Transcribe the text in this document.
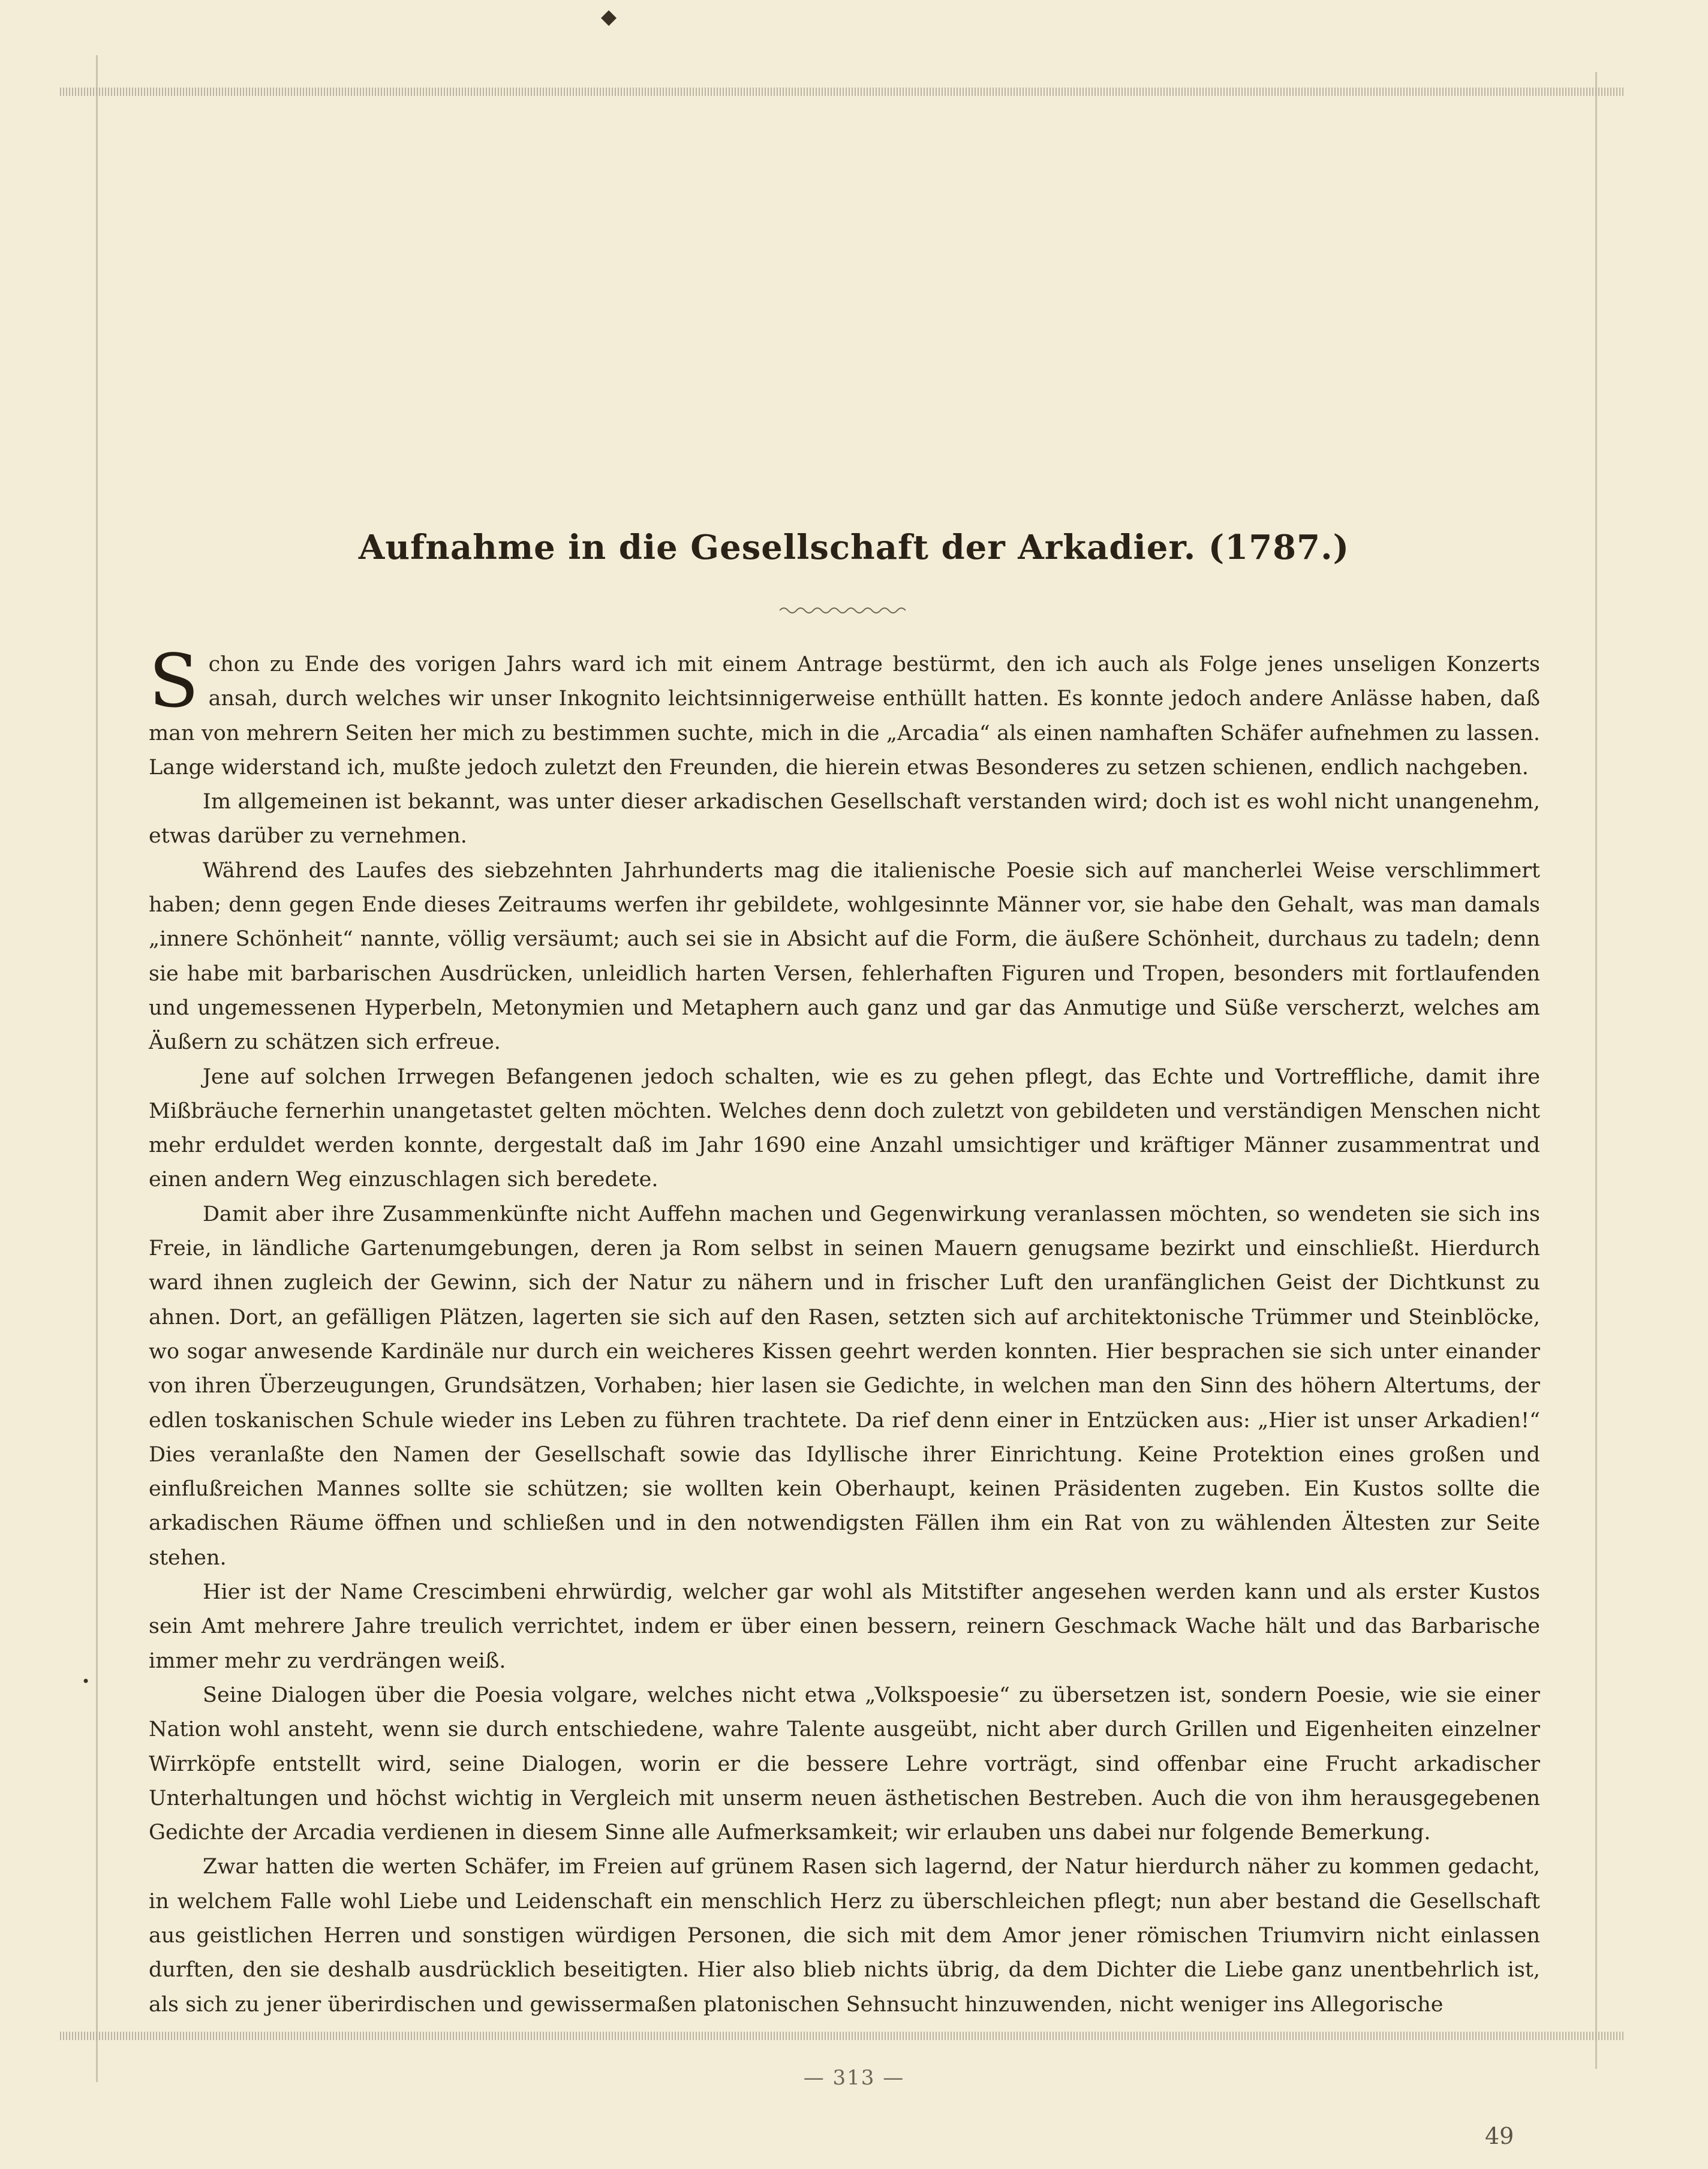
◆
•
Aufnahme in die Gesellschaft der Arkadier. (1787.)

Schon zu Ende des vorigen Jahrs ward ich mit einem Antrage bestürmt, den ich auch als Folge jenes unseligen Konzerts ansah, durch welches wir unser Inkognito leichtsinnigerweise enthüllt hatten. Es konnte jedoch andere Anlässe haben, daß man von mehrern Seiten her mich zu bestimmen suchte, mich in die „Arcadia“ als einen namhaften Schäfer aufnehmen zu lassen. Lange widerstand ich, mußte jedoch zuletzt den Freunden, die hierein etwas Besonderes zu setzen schienen, endlich nachgeben.

Im allgemeinen ist bekannt, was unter dieser arkadischen Gesellschaft verstanden wird; doch ist es wohl nicht unangenehm, etwas darüber zu vernehmen.

Während des Laufes des siebzehnten Jahrhunderts mag die italienische Poesie sich auf mancherlei Weise verschlimmert haben; denn gegen Ende dieses Zeitraums werfen ihr gebildete, wohlgesinnte Männer vor, sie habe den Gehalt, was man damals „innere Schönheit“ nannte, völlig versäumt; auch sei sie in Absicht auf die Form, die äußere Schönheit, durchaus zu tadeln; denn sie habe mit barbarischen Ausdrücken, unleidlich harten Versen, fehlerhaften Figuren und Tropen, besonders mit fortlaufenden und ungemessenen Hyperbeln, Metonymien und Metaphern auch ganz und gar das Anmutige und Süße verscherzt, welches am Äußern zu schätzen sich erfreue.

Jene auf solchen Irrwegen Befangenen jedoch schalten, wie es zu gehen pflegt, das Echte und Vortreffliche, damit ihre Mißbräuche fernerhin unangetastet gelten möchten. Welches denn doch zuletzt von gebildeten und verständigen Menschen nicht mehr erduldet werden konnte, dergestalt daß im Jahr 1690 eine Anzahl umsichtiger und kräftiger Männer zusammentrat und einen andern Weg einzuschlagen sich beredete.

Damit aber ihre Zusammenkünfte nicht Auffehn machen und Gegenwirkung veranlassen möchten, so wendeten sie sich ins Freie, in ländliche Gartenumgebungen, deren ja Rom selbst in seinen Mauern genugsame bezirkt und einschließt. Hierdurch ward ihnen zugleich der Gewinn, sich der Natur zu nähern und in frischer Luft den uranfänglichen Geist der Dichtkunst zu ahnen. Dort, an gefälligen Plätzen, lagerten sie sich auf den Rasen, setzten sich auf architektonische Trümmer und Steinblöcke, wo sogar anwesende Kardinäle nur durch ein weicheres Kissen geehrt werden konnten. Hier besprachen sie sich unter einander von ihren Überzeugungen, Grundsätzen, Vorhaben; hier lasen sie Gedichte, in welchen man den Sinn des höhern Altertums, der edlen toskanischen Schule wieder ins Leben zu führen trachtete. Da rief denn einer in Entzücken aus: „Hier ist unser Arkadien!“ Dies veranlaßte den Namen der Gesellschaft sowie das Idyllische ihrer Einrichtung. Keine Protektion eines großen und einflußreichen Mannes sollte sie schützen; sie wollten kein Oberhaupt, keinen Präsidenten zugeben. Ein Kustos sollte die arkadischen Räume öffnen und schließen und in den notwendigsten Fällen ihm ein Rat von zu wählenden Ältesten zur Seite stehen.

Hier ist der Name Crescimbeni ehrwürdig, welcher gar wohl als Mitstifter angesehen werden kann und als erster Kustos sein Amt mehrere Jahre treulich verrichtet, indem er über einen bessern, reinern Geschmack Wache hält und das Barbarische immer mehr zu verdrängen weiß.

Seine Dialogen über die Poesia volgare, welches nicht etwa „Volkspoesie“ zu übersetzen ist, sondern Poesie, wie sie einer Nation wohl ansteht, wenn sie durch entschiedene, wahre Talente ausgeübt, nicht aber durch Grillen und Eigenheiten einzelner Wirrköpfe entstellt wird, seine Dialogen, worin er die bessere Lehre vorträgt, sind offenbar eine Frucht arkadischer Unterhaltungen und höchst wichtig in Vergleich mit unserm neuen ästhetischen Bestreben. Auch die von ihm herausgegebenen Gedichte der Arcadia verdienen in diesem Sinne alle Aufmerksamkeit; wir erlauben uns dabei nur folgende Bemerkung.

Zwar hatten die werten Schäfer, im Freien auf grünem Rasen sich lagernd, der Natur hierdurch näher zu kommen gedacht, in welchem Falle wohl Liebe und Leidenschaft ein menschlich Herz zu überschleichen pflegt; nun aber bestand die Gesellschaft aus geistlichen Herren und sonstigen würdigen Personen, die sich mit dem Amor jener römischen Triumvirn nicht einlassen durften, den sie deshalb ausdrücklich beseitigten. Hier also blieb nichts übrig, da dem Dichter die Liebe ganz unentbehrlich ist, als sich zu jener überirdischen und gewissermaßen platonischen Sehnsucht hinzuwenden, nicht weniger ins Allegorische

— 313 —
49
